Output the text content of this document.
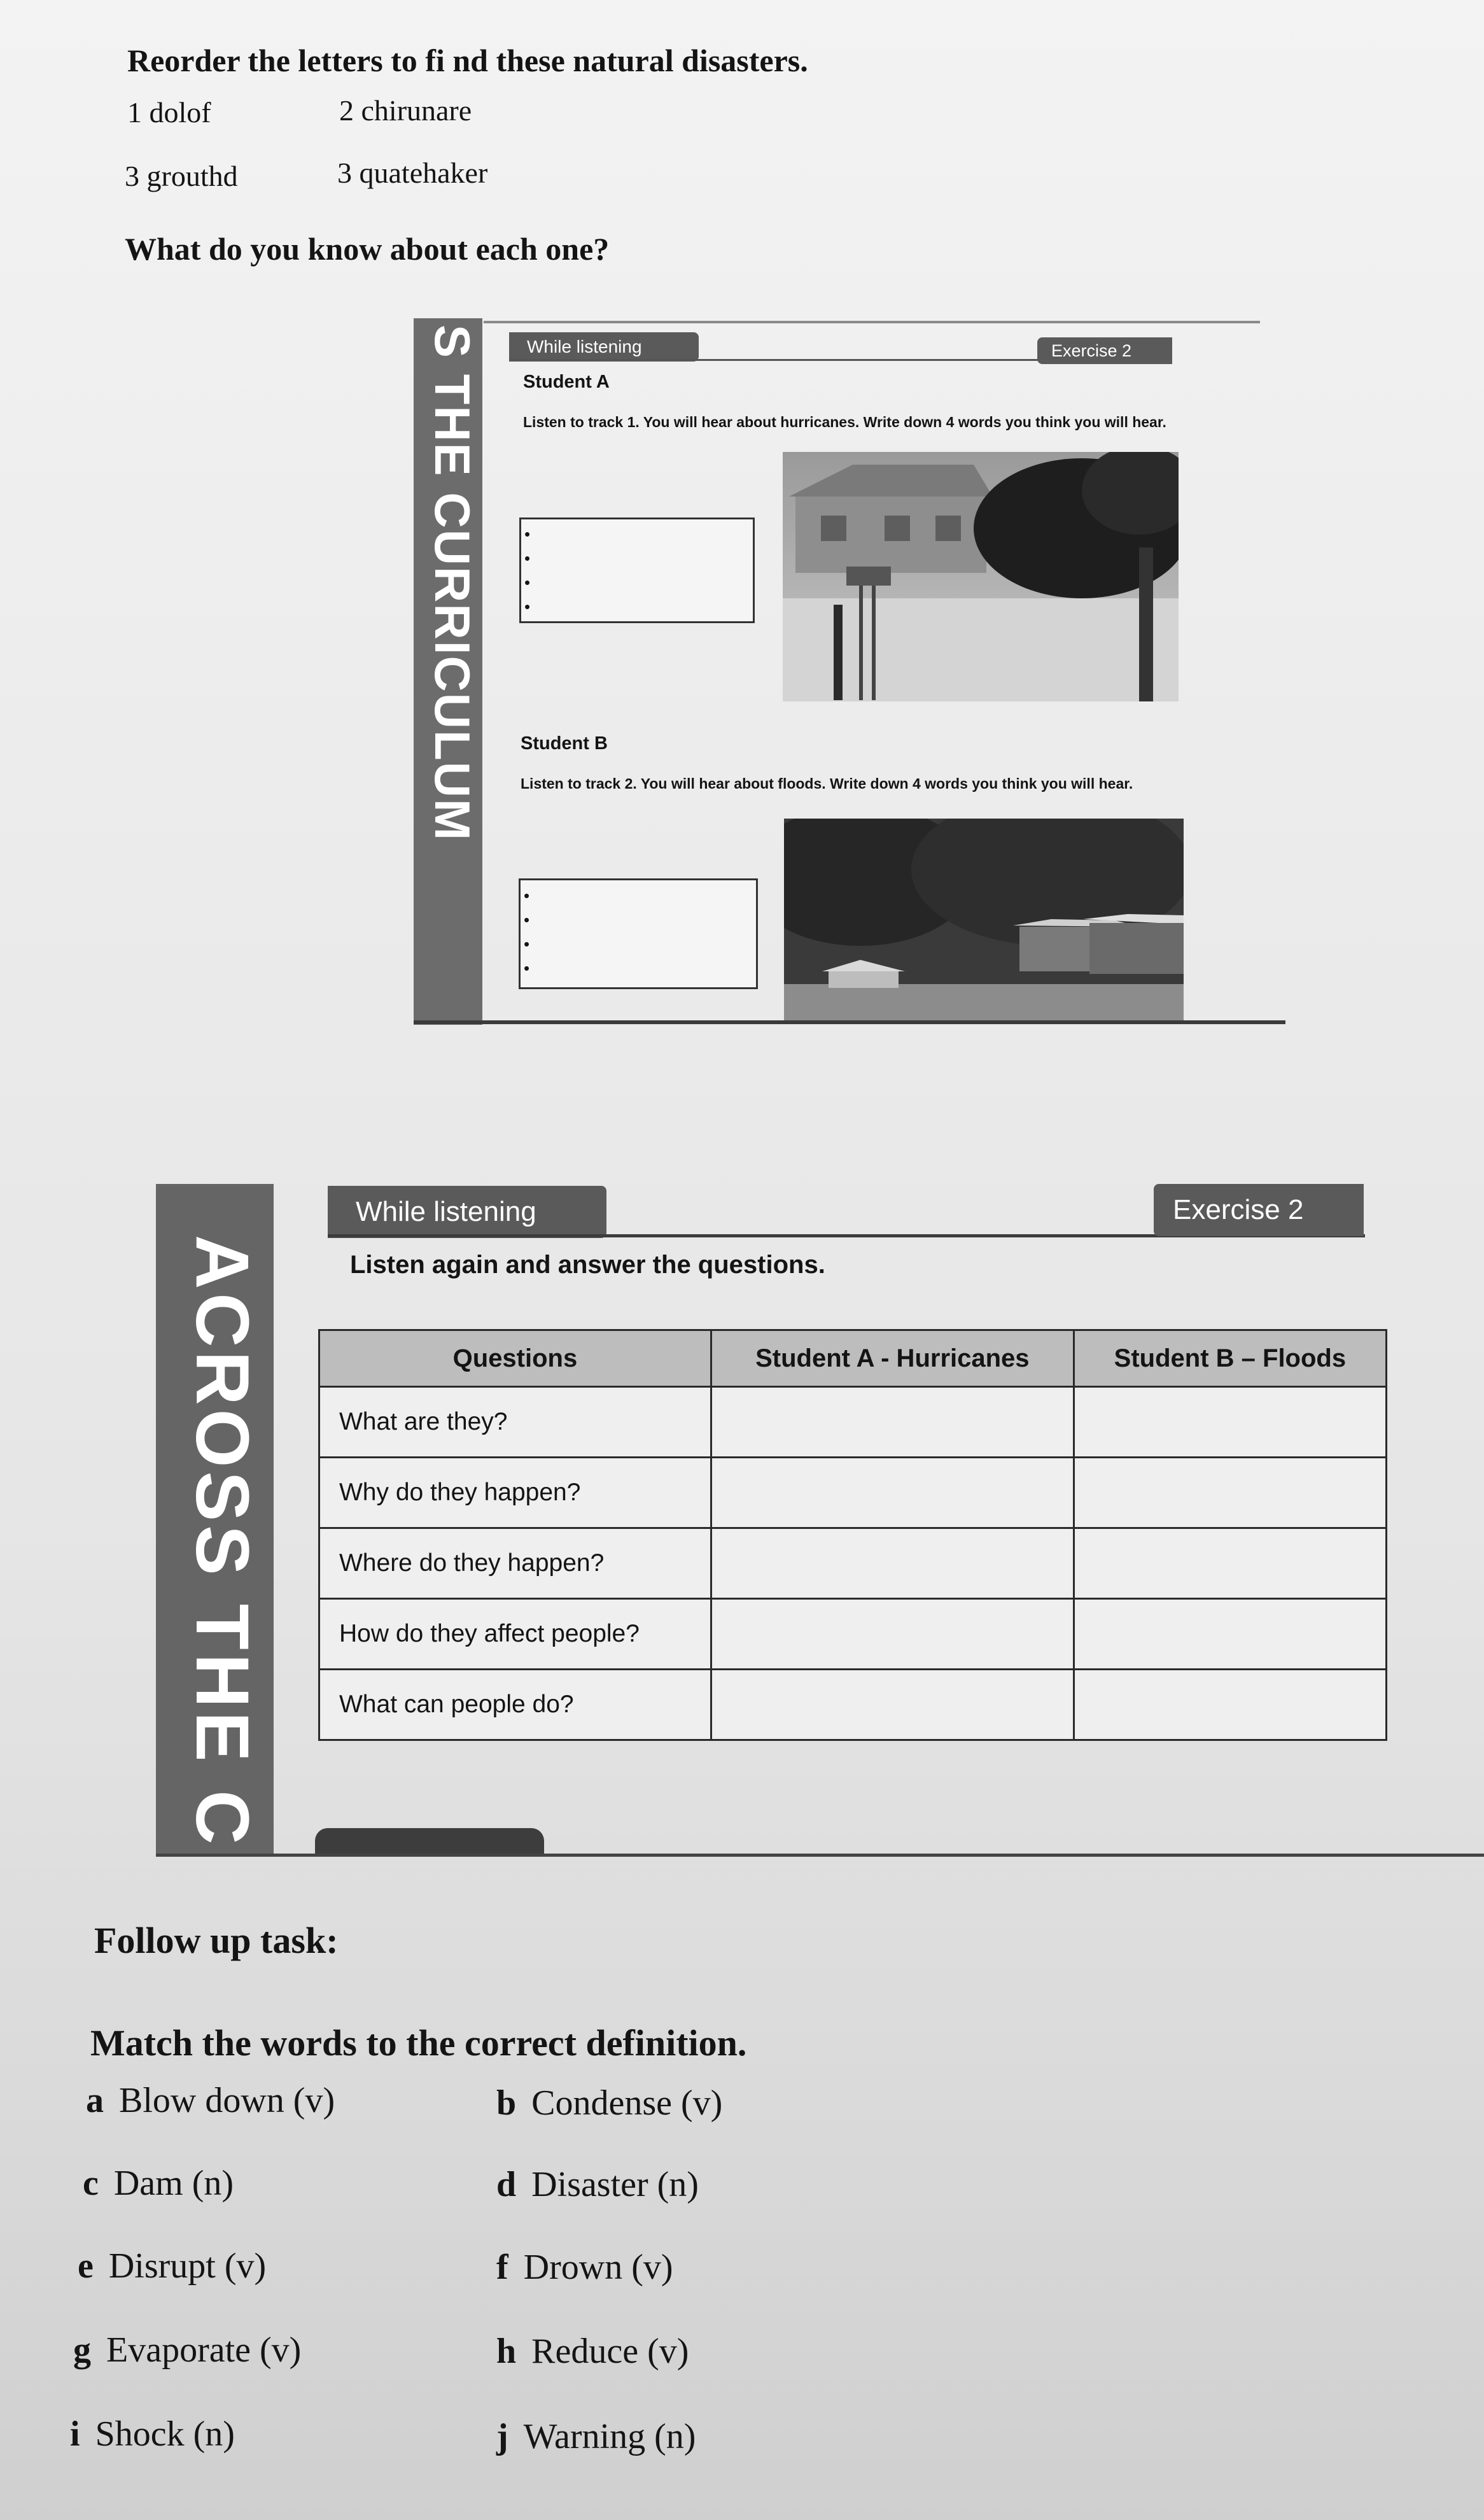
Reorder the letters to fi nd these natural disasters.
1 dolof	2 chirunare
3 grouthd	3 quatehaker
What do you know about each one?
S THE CURRICULUM	While listening	Exercise 2
Student A
Listen to track 1. You will hear about hurricanes. Write down 4 words you think you will hear.
•
•
•
•
Student B
Listen to track 2. You will hear about floods. Write down 4 words you think you will hear.
•
•
•
•
ACROSS THE C
While listening	Exercise 2
Listen again and answer the questions.
Questions	Student A - Hurricanes	Student B – Floods
What are they?		
Why do they happen?		
Where do they happen?		
How do they affect people?		
What can people do?		
Follow up task:
Match the words to the correct definition.
a Blow down (v)	b Condense (v)
c Dam (n)	d Disaster (n)
e Disrupt (v)	f Drown (v)
g Evaporate (v)	h Reduce (v)
i Shock (n)	j Warning (n)
